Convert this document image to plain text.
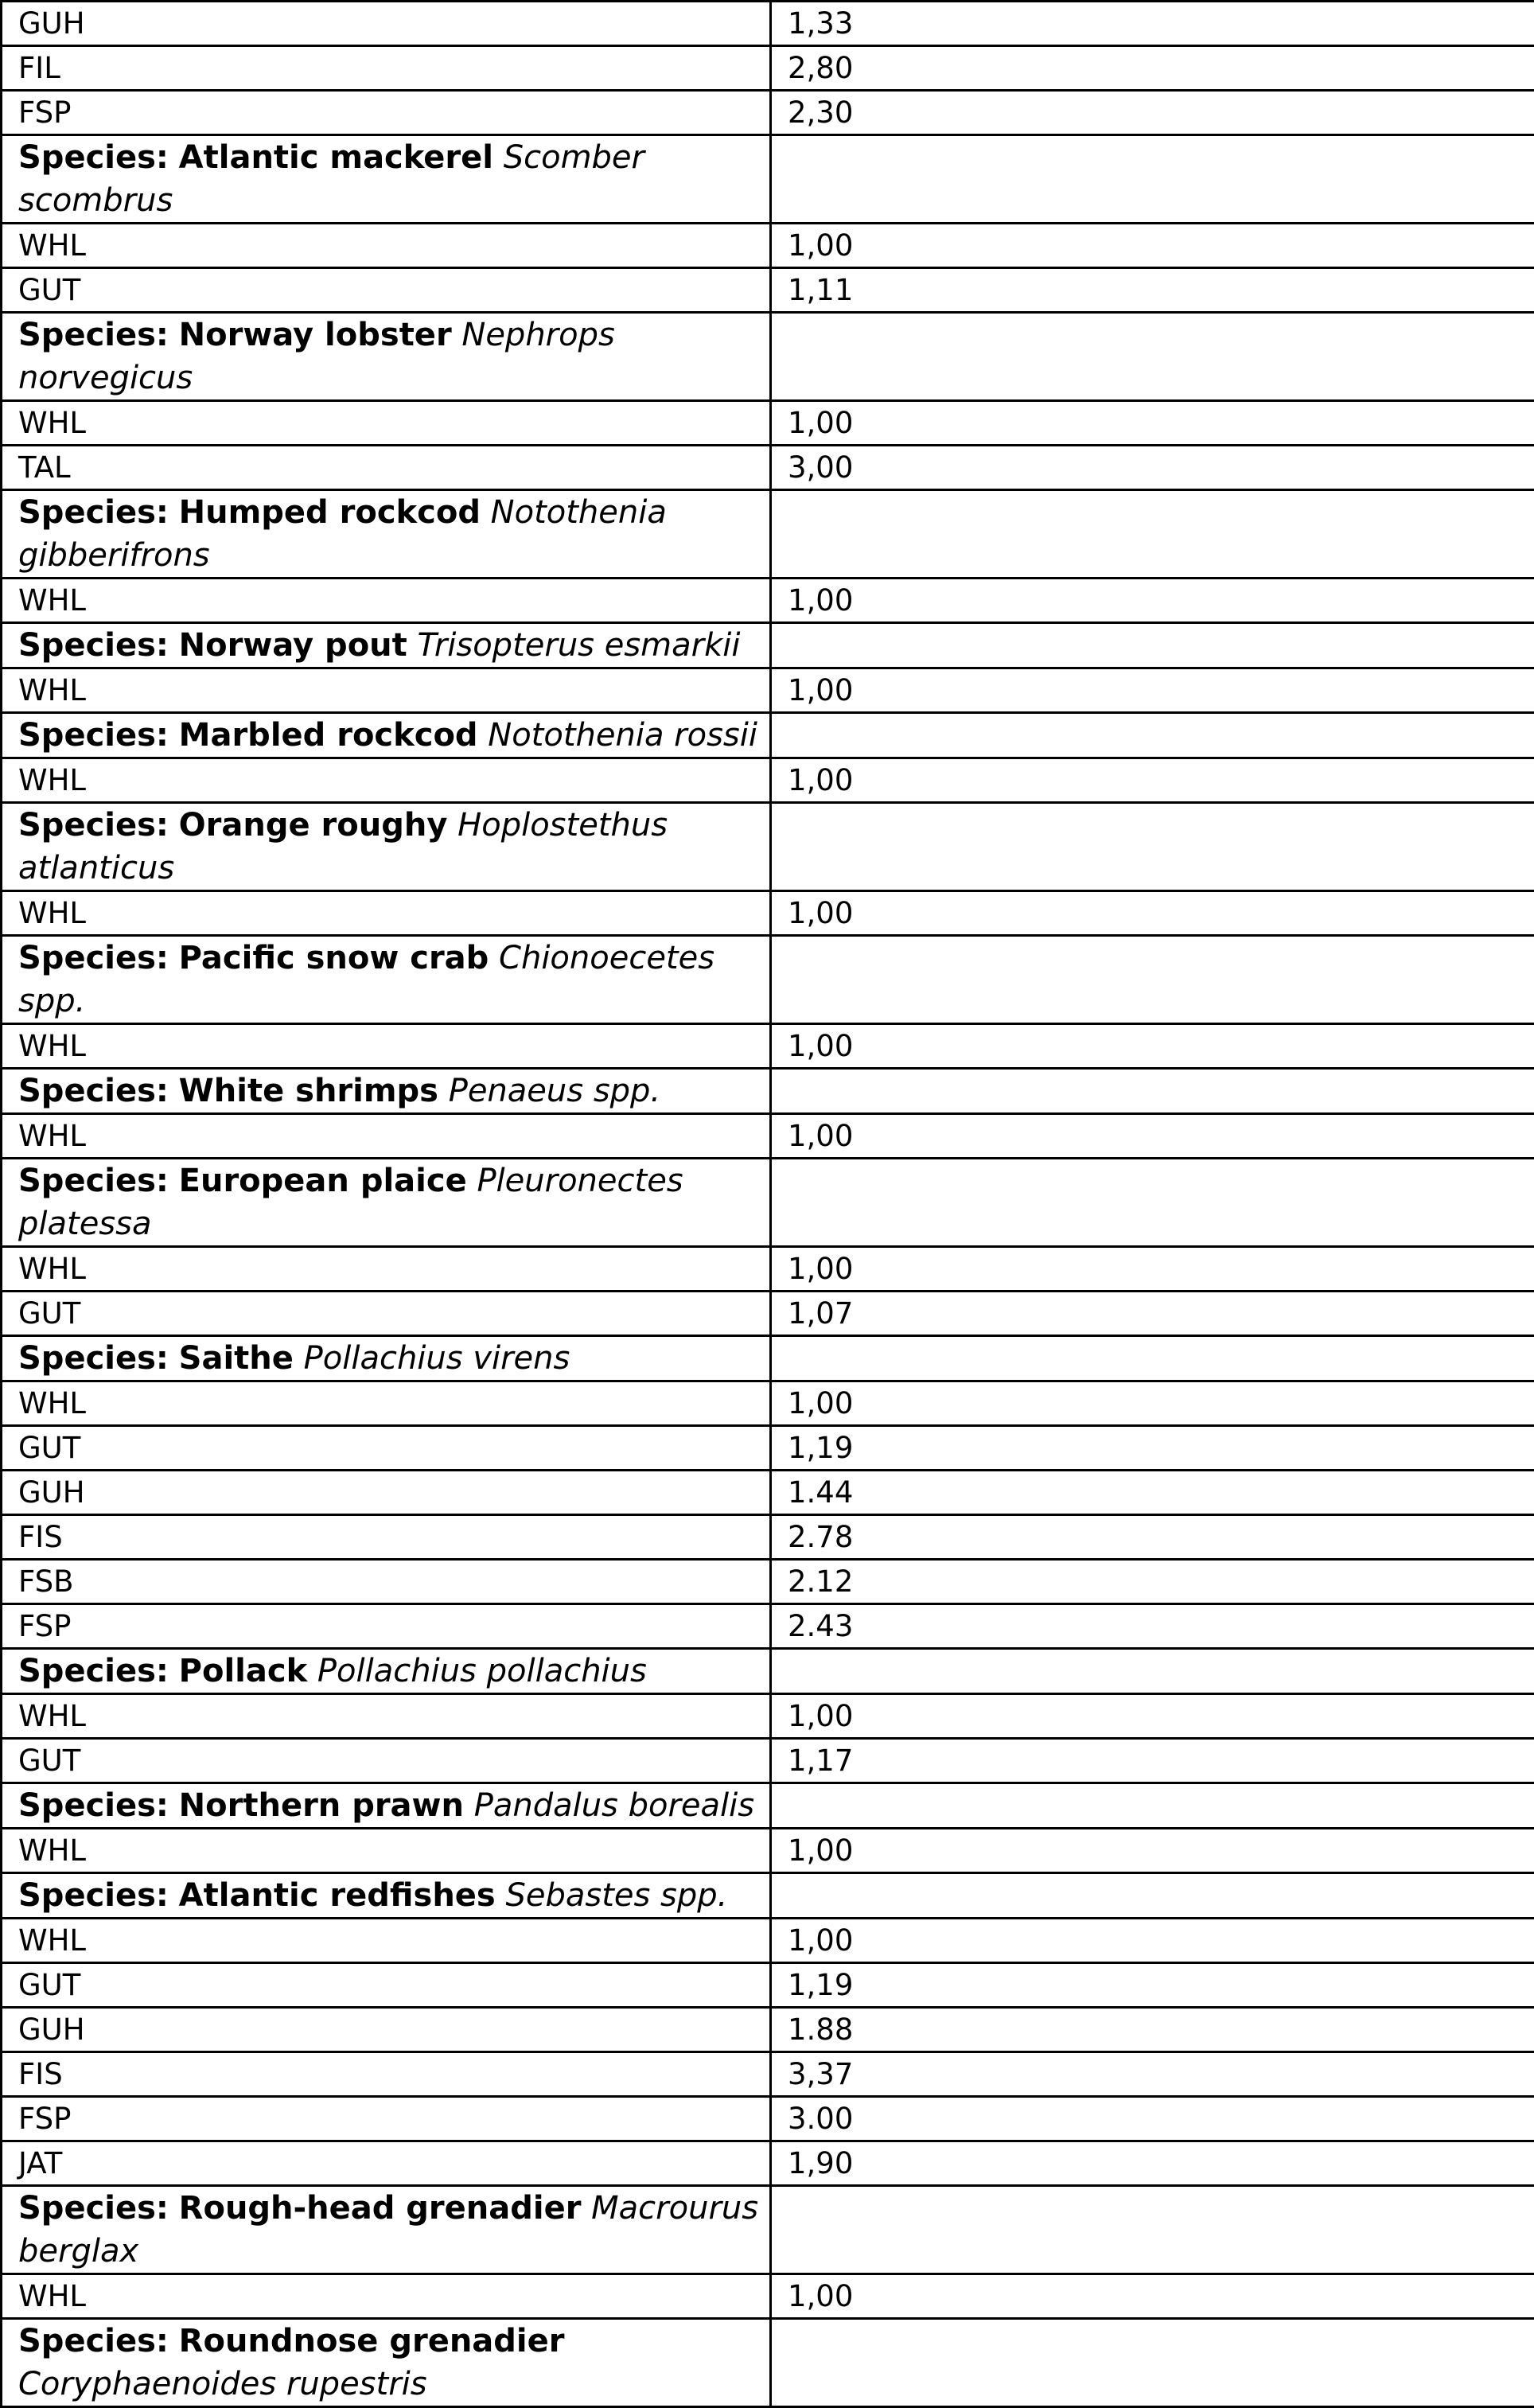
GUH	1,33
FIL	2,80
FSP	2,30
Species: Atlantic mackerel Scomber scombrus	
WHL	1,00
GUT	1,11
Species: Norway lobster Nephrops norvegicus	
WHL	1,00
TAL	3,00
Species: Humped rockcod Notothenia gibberifrons	
WHL	1,00
Species: Norway pout Trisopterus esmarkii	
WHL	1,00
Species: Marbled rockcod Notothenia rossii	
WHL	1,00
Species: Orange roughy Hoplostethus atlanticus	
WHL	1,00
Species: Pacific snow crab Chionoecetes spp.	
WHL	1,00
Species: White shrimps Penaeus spp.	
WHL	1,00
Species: European plaice Pleuronectes platessa	
WHL	1,00
GUT	1,07
Species: Saithe Pollachius virens	
WHL	1,00
GUT	1,19
GUH	1.44
FIS	2.78
FSB	2.12
FSP	2.43
Species: Pollack Pollachius pollachius	
WHL	1,00
GUT	1,17
Species: Northern prawn Pandalus borealis	
WHL	1,00
Species: Atlantic redfishes Sebastes spp.	
WHL	1,00
GUT	1,19
GUH	1.88
FIS	3,37
FSP	3.00
JAT	1,90
Species: Rough-head grenadier Macrourus berglax	
WHL	1,00
Species: Roundnose grenadier Coryphaenoides rupestris	
